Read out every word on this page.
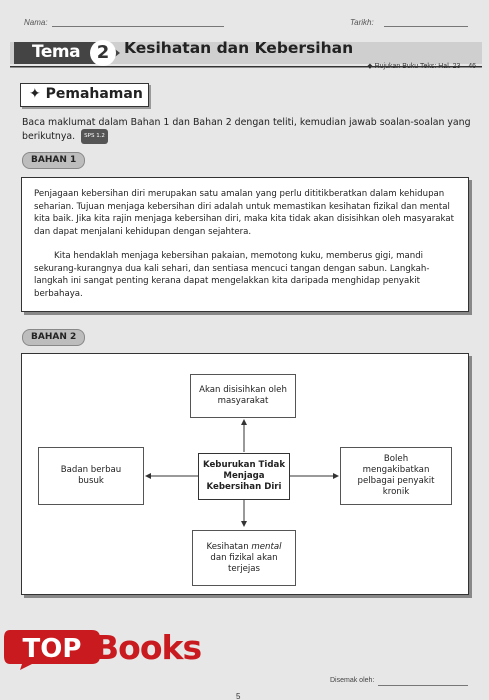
Nama:	Tarikh:
Tema 2 Kesihatan dan Kebersihan
◆ Rujukan Buku Teks: Hal. 23 – 46
✦ Pemahaman
Baca maklumat dalam Bahan 1 dan Bahan 2 dengan teliti, kemudian jawab soalan-soalan yang berikutnya. SPS 1.2
BAHAN 1

Penjagaan kebersihan diri merupakan satu amalan yang perlu dititikberatkan dalam kehidupan seharian. Tujuan menjaga kebersihan diri adalah untuk memastikan kesihatan fizikal dan mental kita baik. Jika kita rajin menjaga kebersihan diri, maka kita tidak akan disisihkan oleh masyarakat dan dapat menjalani kehidupan dengan sejahtera.

Kita hendaklah menjaga kebersihan pakaian, memotong kuku, memberus gigi, mandi sekurang-kurangnya dua kali sehari, dan sentiasa mencuci tangan dengan sabun. Langkah-langkah ini sangat penting kerana dapat mengelakkan kita daripada menghidap penyakit berbahaya.

BAHAN 2
Akan disisihkan oleh masyarakat
Keburukan Tidak Menjaga Kebersihan Diri
Badan berbau busuk
Boleh mengakibatkan pelbagai penyakit kronik
Kesihatan mental dan fizikal akan terjejas
TOP Books
Disemak oleh:
5
